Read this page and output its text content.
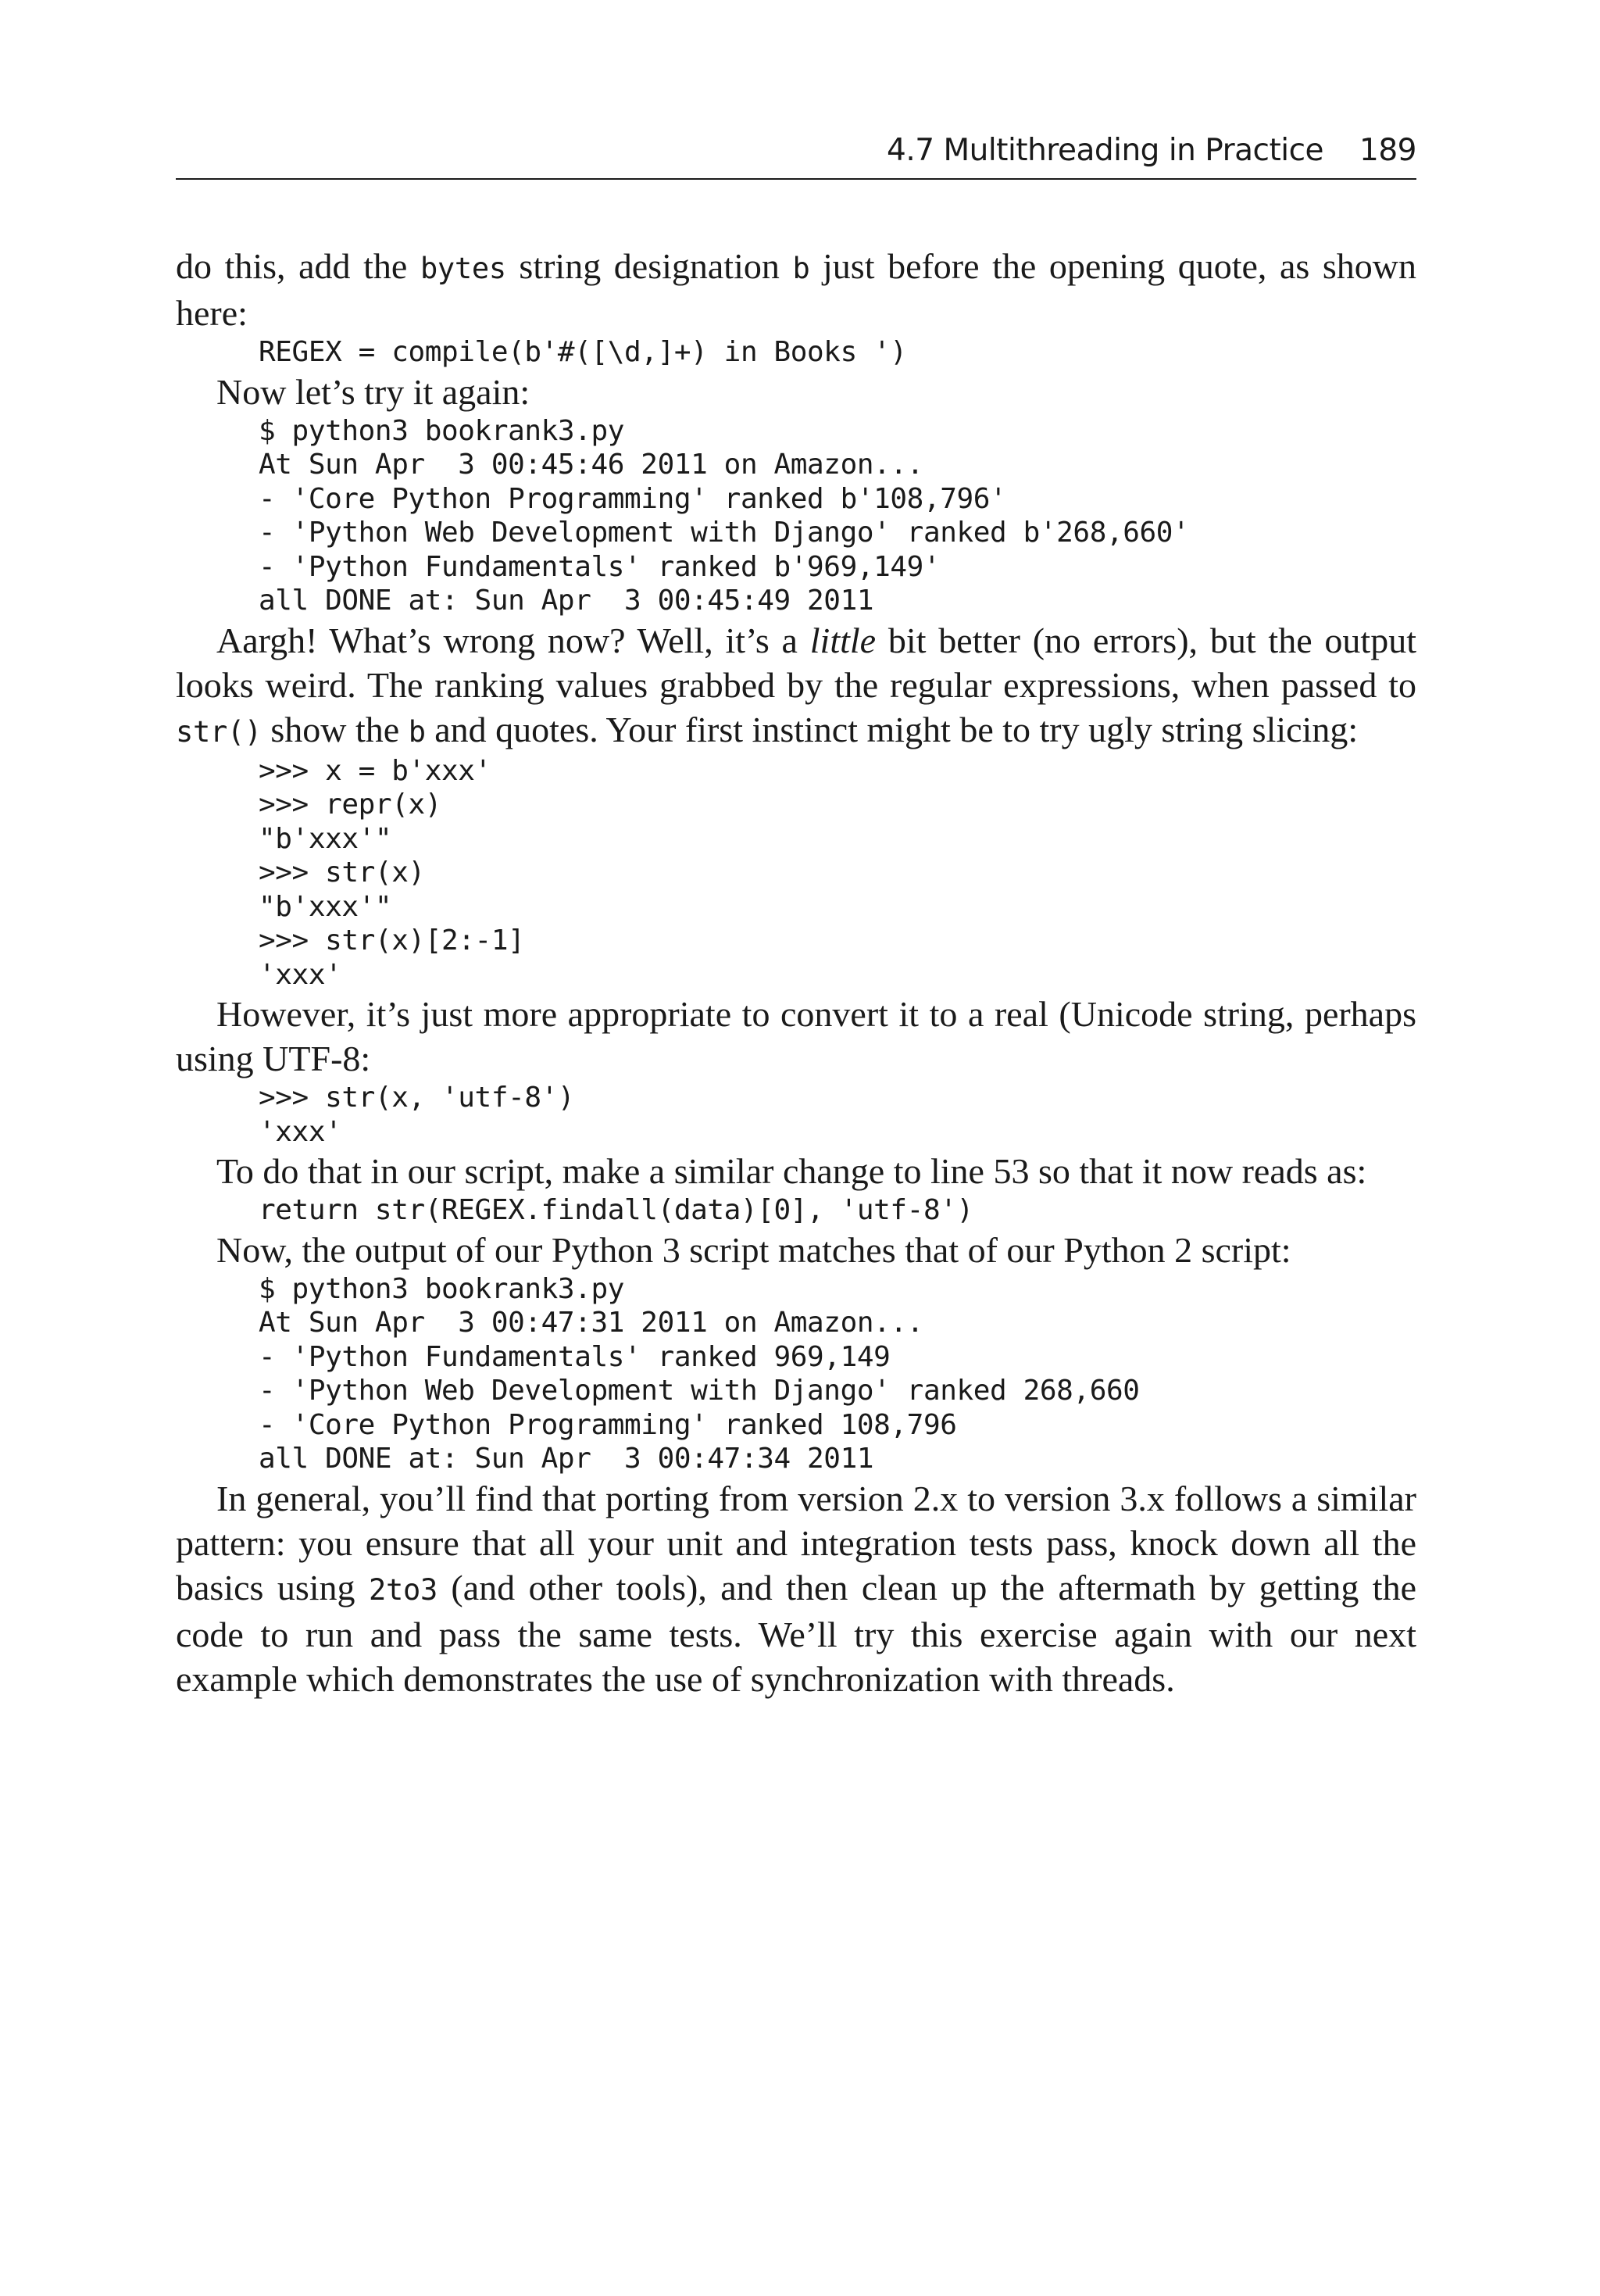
4.7 Multithreading in Practice 189

do this, add the bytes string designation b just before the opening quote, as shown here:

REGEX = compile(b'#([\d,]+) in Books ')

Now let’s try it again:

$ python3 bookrank3.py
At Sun Apr  3 00:45:46 2011 on Amazon...
- 'Core Python Programming' ranked b'108,796'
- 'Python Web Development with Django' ranked b'268,660'
- 'Python Fundamentals' ranked b'969,149'
all DONE at: Sun Apr  3 00:45:49 2011

Aargh! What’s wrong now? Well, it’s a little bit better (no errors), but the output looks weird. The ranking values grabbed by the regular expressions, when passed to str() show the b and quotes. Your first instinct might be to try ugly string slicing:

>>> x = b'xxx'
>>> repr(x)
"b'xxx'"
>>> str(x)
"b'xxx'"
>>> str(x)[2:-1]
'xxx'

However, it’s just more appropriate to convert it to a real (Unicode string, perhaps using UTF-8:

>>> str(x, 'utf-8')
'xxx'

To do that in our script, make a similar change to line 53 so that it now reads as:

return str(REGEX.findall(data)[0], 'utf-8')

Now, the output of our Python 3 script matches that of our Python 2 script:

$ python3 bookrank3.py
At Sun Apr  3 00:47:31 2011 on Amazon...
- 'Python Fundamentals' ranked 969,149
- 'Python Web Development with Django' ranked 268,660
- 'Core Python Programming' ranked 108,796
all DONE at: Sun Apr  3 00:47:34 2011

In general, you’ll find that porting from version 2.x to version 3.x follows a similar pattern: you ensure that all your unit and integration tests pass, knock down all the basics using 2to3 (and other tools), and then clean up the aftermath by getting the code to run and pass the same tests. We’ll try this exercise again with our next example which demonstrates the use of synchronization with threads.
